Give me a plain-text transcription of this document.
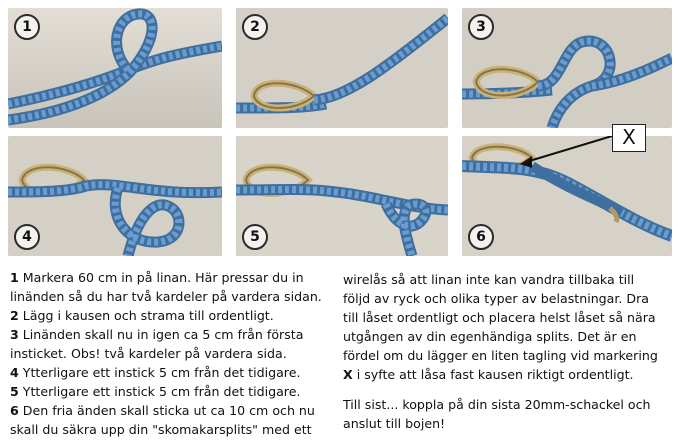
1	2	3
4	5	6
X

1 Markera 60 cm in på linan. Här pressar du in

linänden så du har två kardeler på vardera sidan.

2 Lägg i kausen och strama till ordentligt.

3 Linänden skall nu in igen ca 5 cm från första

insticket. Obs! två kardeler på vardera sida.

4 Ytterligare ett instick 5 cm från det tidigare.

5 Ytterligare ett instick 5 cm från det tidigare.

6 Den fria änden skall sticka ut ca 10 cm och nu

skall du säkra upp din "skomakarsplits" med ett

wirelås så att linan inte kan vandra tillbaka till

följd av ryck och olika typer av belastningar. Dra

till låset ordentligt och placera helst låset så nära

utgången av din egenhändiga splits. Det är en

fördel om du lägger en liten tagling vid markering

X i syfte att låsa fast kausen riktigt ordentligt.

Till sist... koppla på din sista 20mm-schackel och

anslut till bojen!
